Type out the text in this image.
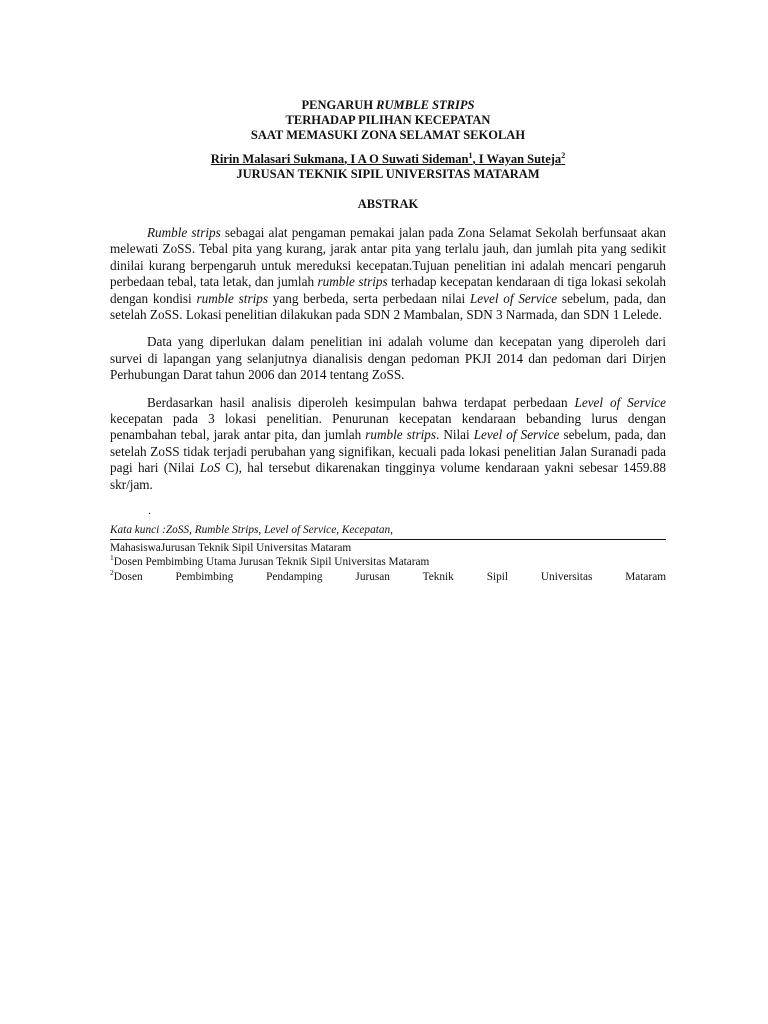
PENGARUH RUMBLE STRIPS
TERHADAP PILIHAN KECEPATAN
SAAT MEMASUKI ZONA SELAMAT SEKOLAH
Ririn Malasari Sukmana, I A O Suwati Sideman$^1$, I Wayan Suteja$^2$
JURUSAN TEKNIK SIPIL UNIVERSITAS MATARAM
ABSTRAK
Rumble strips sebagai alat pengaman pemakai jalan pada Zona Selamat Sekolah berfunsaat akan melewati ZoSS. Tebal pita yang kurang, jarak antar pita yang terlalu jauh, dan jumlah pita yang sedikit dinilai kurang berpengaruh untuk mereduksi kecepatan.Tujuan penelitian ini adalah mencari pengaruh perbedaan tebal, tata letak, dan jumlah rumble strips terhadap kecepatan kendaraan di tiga lokasi sekolah dengan kondisi rumble strips yang berbeda, serta perbedaan nilai Level of Service sebelum, pada, dan setelah ZoSS. Lokasi penelitian dilakukan pada SDN 2 Mambalan, SDN 3 Narmada, dan SDN 1 Lelede.
Data yang diperlukan dalam penelitian ini adalah volume dan kecepatan yang diperoleh dari survei di lapangan yang selanjutnya dianalisis dengan pedoman PKJI 2014 dan pedoman dari Dirjen Perhubungan Darat tahun 2006 dan 2014 tentang ZoSS.
Berdasarkan hasil analisis diperoleh kesimpulan bahwa terdapat perbedaan Level of Service kecepatan pada 3 lokasi penelitian. Penurunan kecepatan kendaraan bebanding lurus dengan penambahan tebal, jarak antar pita, dan jumlah rumble strips. Nilai Level of Service sebelum, pada, dan setelah ZoSS tidak terjadi perubahan yang signifikan, kecuali pada lokasi penelitian Jalan Suranadi pada pagi hari (Nilai LoS C), hal tersebut dikarenakan tingginya volume kendaraan yakni sebesar 1459.88 skr/jam.
.
Kata kunci :ZoSS, Rumble Strips, Level of Service, Kecepatan,
MahasiswaJurusan Teknik Sipil Universitas Mataram
$^1$Dosen Pembimbing Utama Jurusan Teknik Sipil Universitas Mataram
$^2$Dosen Pembimbing Pendamping Jurusan Teknik Sipil Universitas Mataram
